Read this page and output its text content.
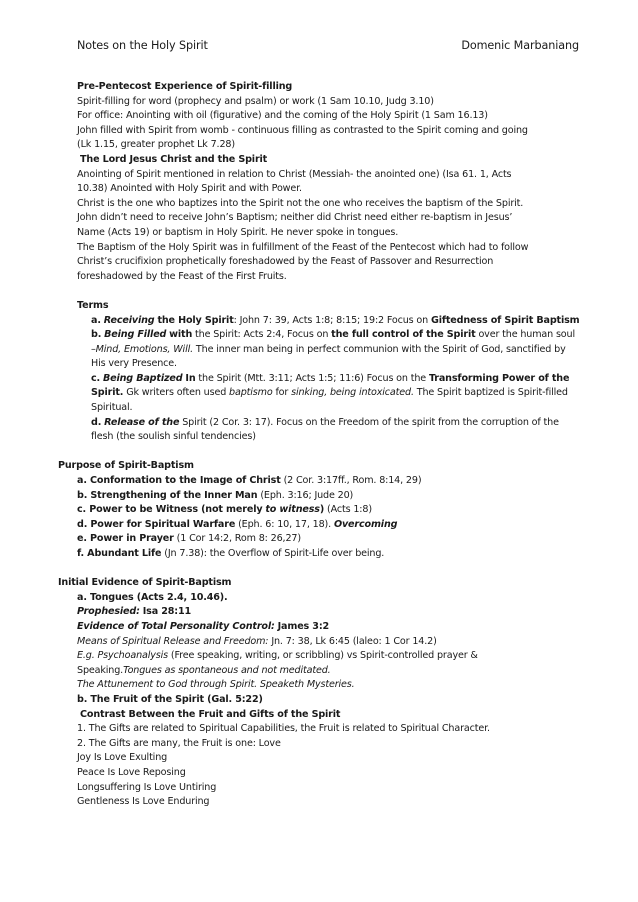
Notes on the Holy Spirit	Domenic Marbaniang
Pre-Pentecost Experience of Spirit-filling
Spirit-filling for word (prophecy and psalm) or work (1 Sam 10.10, Judg 3.10)
For office: Anointing with oil (figurative) and the coming of the Holy Spirit (1 Sam 16.13)
John filled with Spirit from womb - continuous filling as contrasted to the Spirit coming and going
(Lk 1.15, greater prophet Lk 7.28)
The Lord Jesus Christ and the Spirit
Anointing of Spirit mentioned in relation to Christ (Messiah- the anointed one) (Isa 61. 1, Acts
10.38) Anointed with Holy Spirit and with Power.
Christ is the one who baptizes into the Spirit not the one who receives the baptism of the Spirit.
John didn’t need to receive John’s Baptism; neither did Christ need either re-baptism in Jesus’
Name (Acts 19) or baptism in Holy Spirit. He never spoke in tongues.
The Baptism of the Holy Spirit was in fulfillment of the Feast of the Pentecost which had to follow
Christ’s crucifixion prophetically foreshadowed by the Feast of Passover and Resurrection
foreshadowed by the Feast of the First Fruits.
Terms
a. Receiving the Holy Spirit: John 7: 39, Acts 1:8; 8:15; 19:2 Focus on Giftedness of Spirit Baptism
b. Being Filled with the Spirit: Acts 2:4, Focus on the full control of the Spirit over the human soul –Mind, Emotions, Will. The inner man being in perfect communion with the Spirit of God, sanctified by His very Presence.
c. Being Baptized In the Spirit (Mtt. 3:11; Acts 1:5; 11:6) Focus on the Transforming Power of the Spirit. Gk writers often used baptismo for sinking, being intoxicated. The Spirit baptized is Spirit-filled Spiritual.
d. Release of the Spirit (2 Cor. 3: 17). Focus on the Freedom of the spirit from the corruption of the flesh (the soulish sinful tendencies)
Purpose of Spirit-Baptism
a. Conformation to the Image of Christ (2 Cor. 3:17ff., Rom. 8:14, 29)
b. Strengthening of the Inner Man (Eph. 3:16; Jude 20)
c. Power to be Witness (not merely to witness) (Acts 1:8)
d. Power for Spiritual Warfare (Eph. 6: 10, 17, 18). Overcoming
e. Power in Prayer (1 Cor 14:2, Rom 8: 26,27)
f. Abundant Life (Jn 7.38): the Overflow of Spirit-Life over being.
Initial Evidence of Spirit-Baptism
a. Tongues (Acts 2.4, 10.46).
Prophesied: Isa 28:11
Evidence of Total Personality Control: James 3:2
Means of Spiritual Release and Freedom: Jn. 7: 38, Lk 6:45 (laleo: 1 Cor 14.2)
E.g. Psychoanalysis (Free speaking, writing, or scribbling) vs Spirit-controlled prayer &
Speaking.Tongues as spontaneous and not meditated.
The Attunement to God through Spirit. Speaketh Mysteries.
b. The Fruit of the Spirit (Gal. 5:22)
Contrast Between the Fruit and Gifts of the Spirit
1. The Gifts are related to Spiritual Capabilities, the Fruit is related to Spiritual Character.
2. The Gifts are many, the Fruit is one: Love
Joy Is Love Exulting
Peace Is Love Reposing
Longsuffering Is Love Untiring
Gentleness Is Love Enduring
